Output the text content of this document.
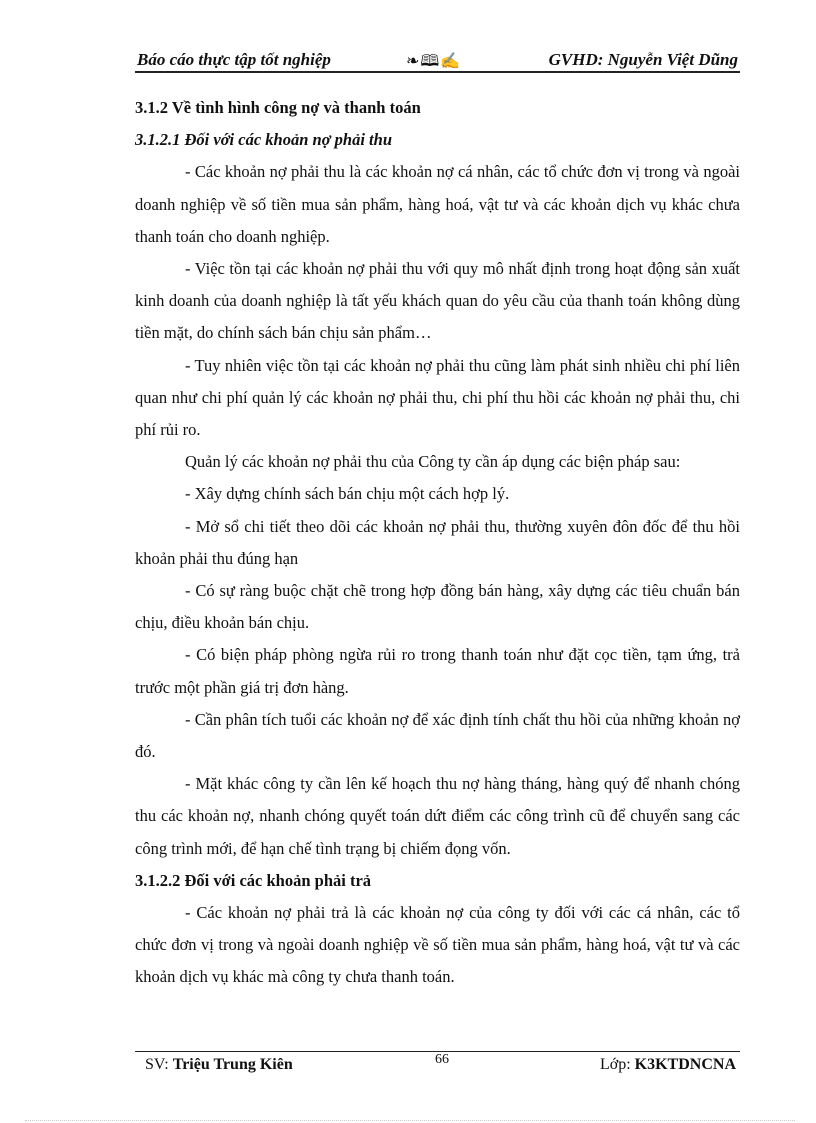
Báo cáo thực tập tốt nghiệp	❧🕮✍	GVHD: Nguyễn Việt Dũng

3.1.2 Về tình hình công nợ và thanh toán

3.1.2.1 Đối với các khoản nợ phải thu

- Các khoản nợ phải thu là các khoản nợ cá nhân, các tổ chức đơn vị trong và ngoài doanh nghiệp về số tiền mua sản phẩm, hàng hoá, vật tư và các khoản dịch vụ khác chưa thanh toán cho doanh nghiệp.

- Việc tồn tại các khoản nợ phải thu với quy mô nhất định trong hoạt động sản xuất kinh doanh của doanh nghiệp là tất yếu khách quan do yêu cầu của thanh toán không dùng tiền mặt, do chính sách bán chịu sản phẩm…

- Tuy nhiên việc tồn tại các khoản nợ phải thu cũng làm phát sinh nhiều chi phí liên quan như chi phí quản lý các khoản nợ phải thu, chi phí thu hồi các khoản nợ phải thu, chi phí rủi ro.

Quản lý các khoản nợ phải thu của Công ty cần áp dụng các biện pháp sau:

- Xây dựng chính sách bán chịu một cách hợp lý.

- Mở sổ chi tiết theo dõi các khoản nợ phải thu, thường xuyên đôn đốc để thu hồi khoản phải thu đúng hạn

- Có sự ràng buộc chặt chẽ trong hợp đồng bán hàng, xây dựng các tiêu chuẩn bán chịu, điều khoản bán chịu.

- Có biện pháp phòng ngừa rủi ro trong thanh toán như đặt cọc tiền, tạm ứng, trả trước một phần giá trị đơn hàng.

- Cần phân tích tuổi các khoản nợ để xác định tính chất thu hồi của những khoản nợ đó.

- Mặt khác công ty cần lên kế hoạch thu nợ hàng tháng, hàng quý để nhanh chóng thu các khoản nợ, nhanh chóng quyết toán dứt điểm các công trình cũ để chuyển sang các công trình mới, để hạn chế tình trạng bị chiếm đọng vốn.

3.1.2.2 Đối với các khoản phải trả

- Các khoản nợ phải trả là các khoản nợ của công ty đối với các cá nhân, các tổ chức đơn vị trong và ngoài doanh nghiệp về số tiền mua sản phẩm, hàng hoá, vật tư và các khoản dịch vụ khác mà công ty chưa thanh toán.

SV: Triệu Trung Kiên	66	Lớp: K3KTDNCNA
